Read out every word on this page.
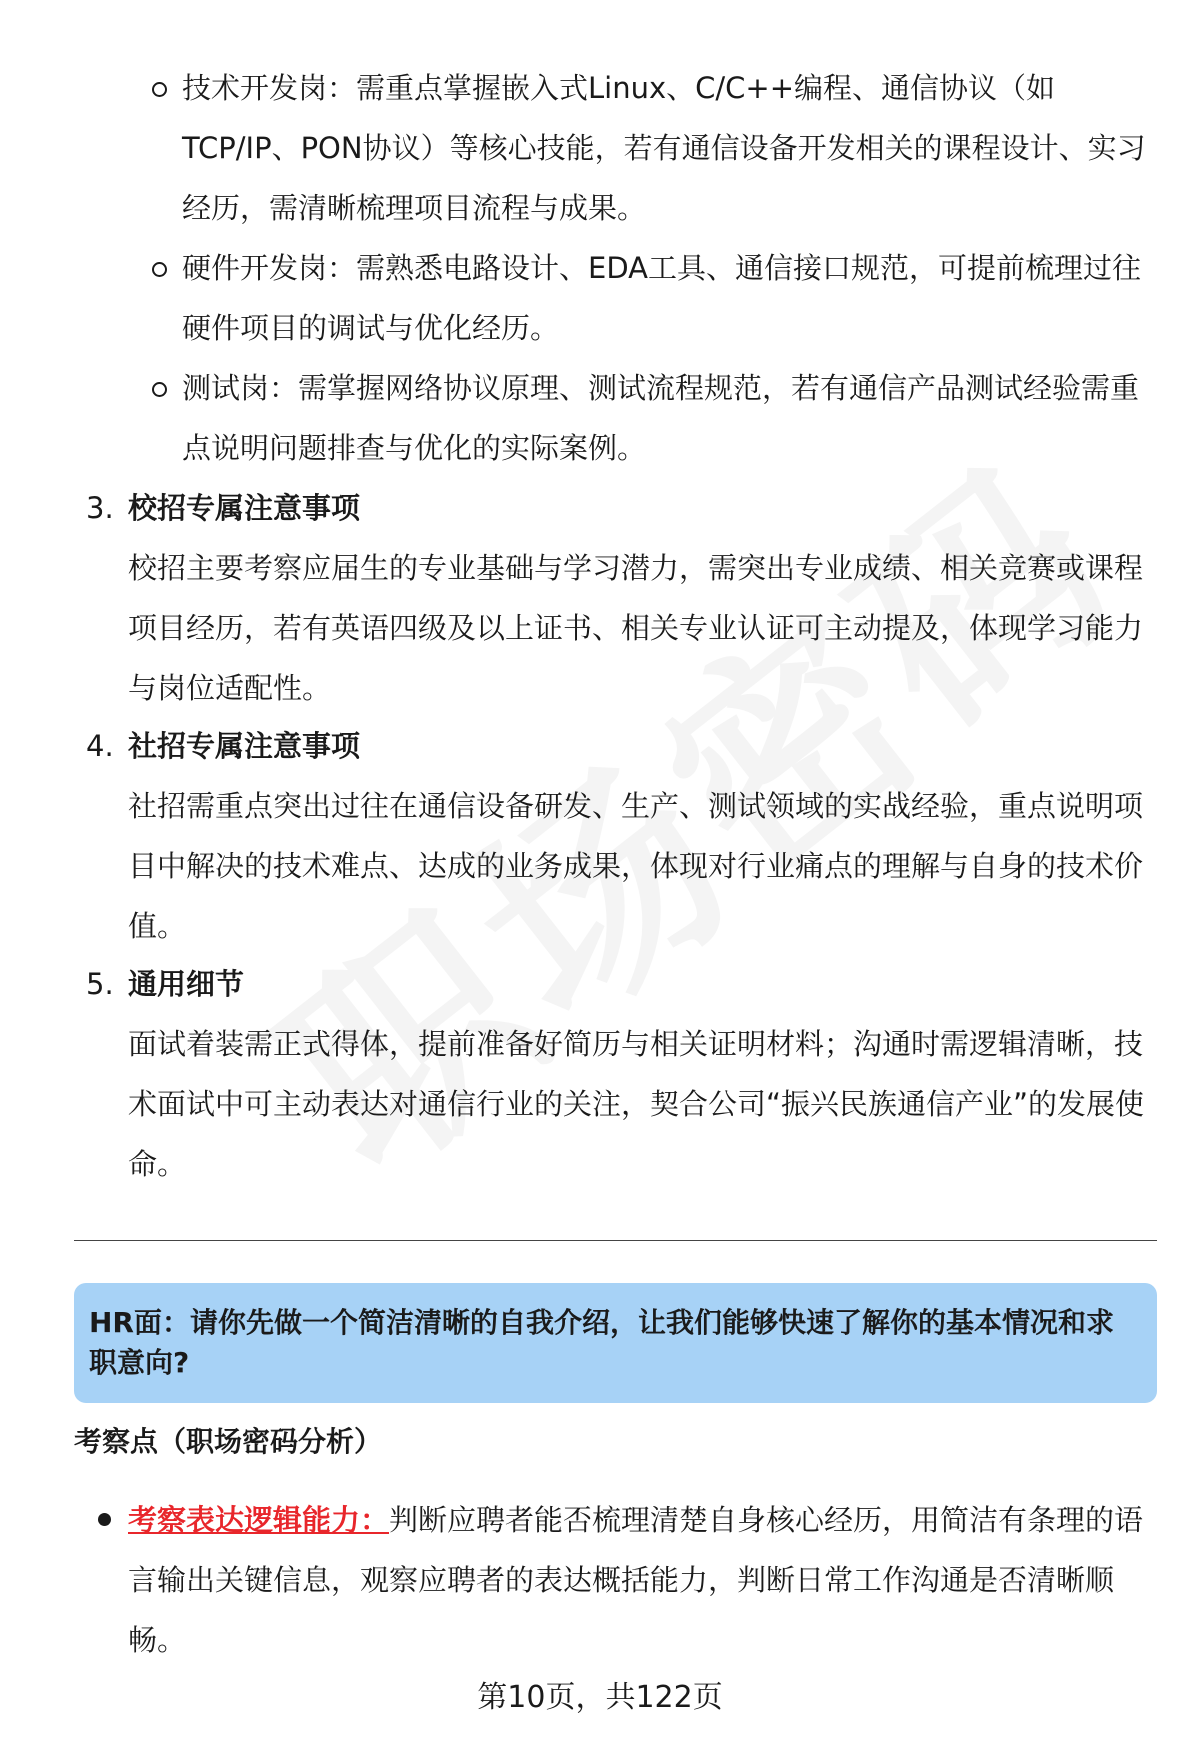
技术开发岗：需重点掌握嵌入式Linux、C/C++编程、通信协议（如TCP/IP、PON协议）等核心技能，若有通信设备开发相关的课程设计、实习经历，需清晰梳理项目流程与成果。
硬件开发岗：需熟悉电路设计、EDA工具、通信接口规范，可提前梳理过往硬件项目的调试与优化经历。
测试岗：需掌握网络协议原理、测试流程规范，若有通信产品测试经验需重点说明问题排查与优化的实际案例。
3. 校招专属注意事项
校招主要考察应届生的专业基础与学习潜力，需突出专业成绩、相关竞赛或课程项目经历，若有英语四级及以上证书、相关专业认证可主动提及，体现学习能力与岗位适配性。
4. 社招专属注意事项
社招需重点突出过往在通信设备研发、生产、测试领域的实战经验，重点说明项目中解决的技术难点、达成的业务成果，体现对行业痛点的理解与自身的技术价值。
5. 通用细节
面试着装需正式得体，提前准备好简历与相关证明材料；沟通时需逻辑清晰，技术面试中可主动表达对通信行业的关注，契合公司“振兴民族通信产业”的发展使命。
HR面：请你先做一个简洁清晰的自我介绍，让我们能够快速了解你的基本情况和求职意向?
考察点（职场密码分析）
考察表达逻辑能力：判断应聘者能否梳理清楚自身核心经历，用简洁有条理的语言输出关键信息，观察应聘者的表达概括能力，判断日常工作沟通是否清晰顺畅。
第10页，共122页
